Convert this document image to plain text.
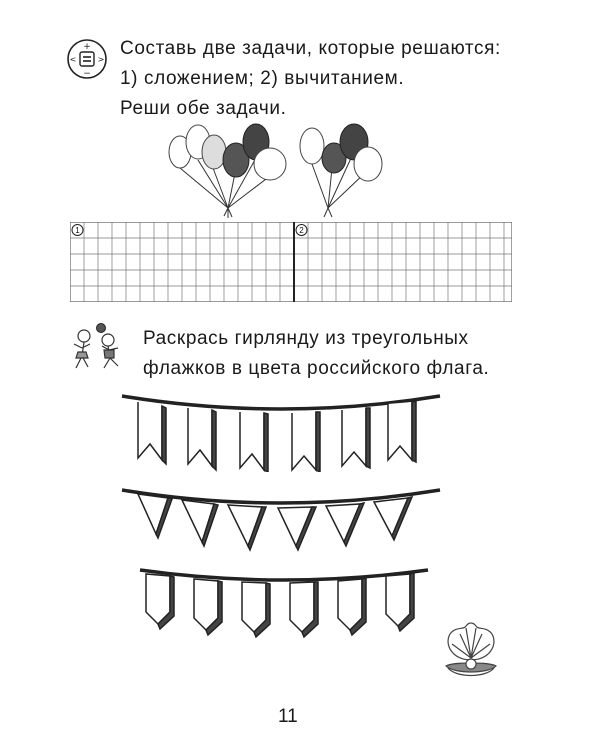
+
−
<	>
Составь две задачи, которые решаются:
1) сложением; 2) вычитанием.
Реши обе задачи.
1	2
Раскрась гирлянду из треугольных
флажков в цвета российского флага.
11
